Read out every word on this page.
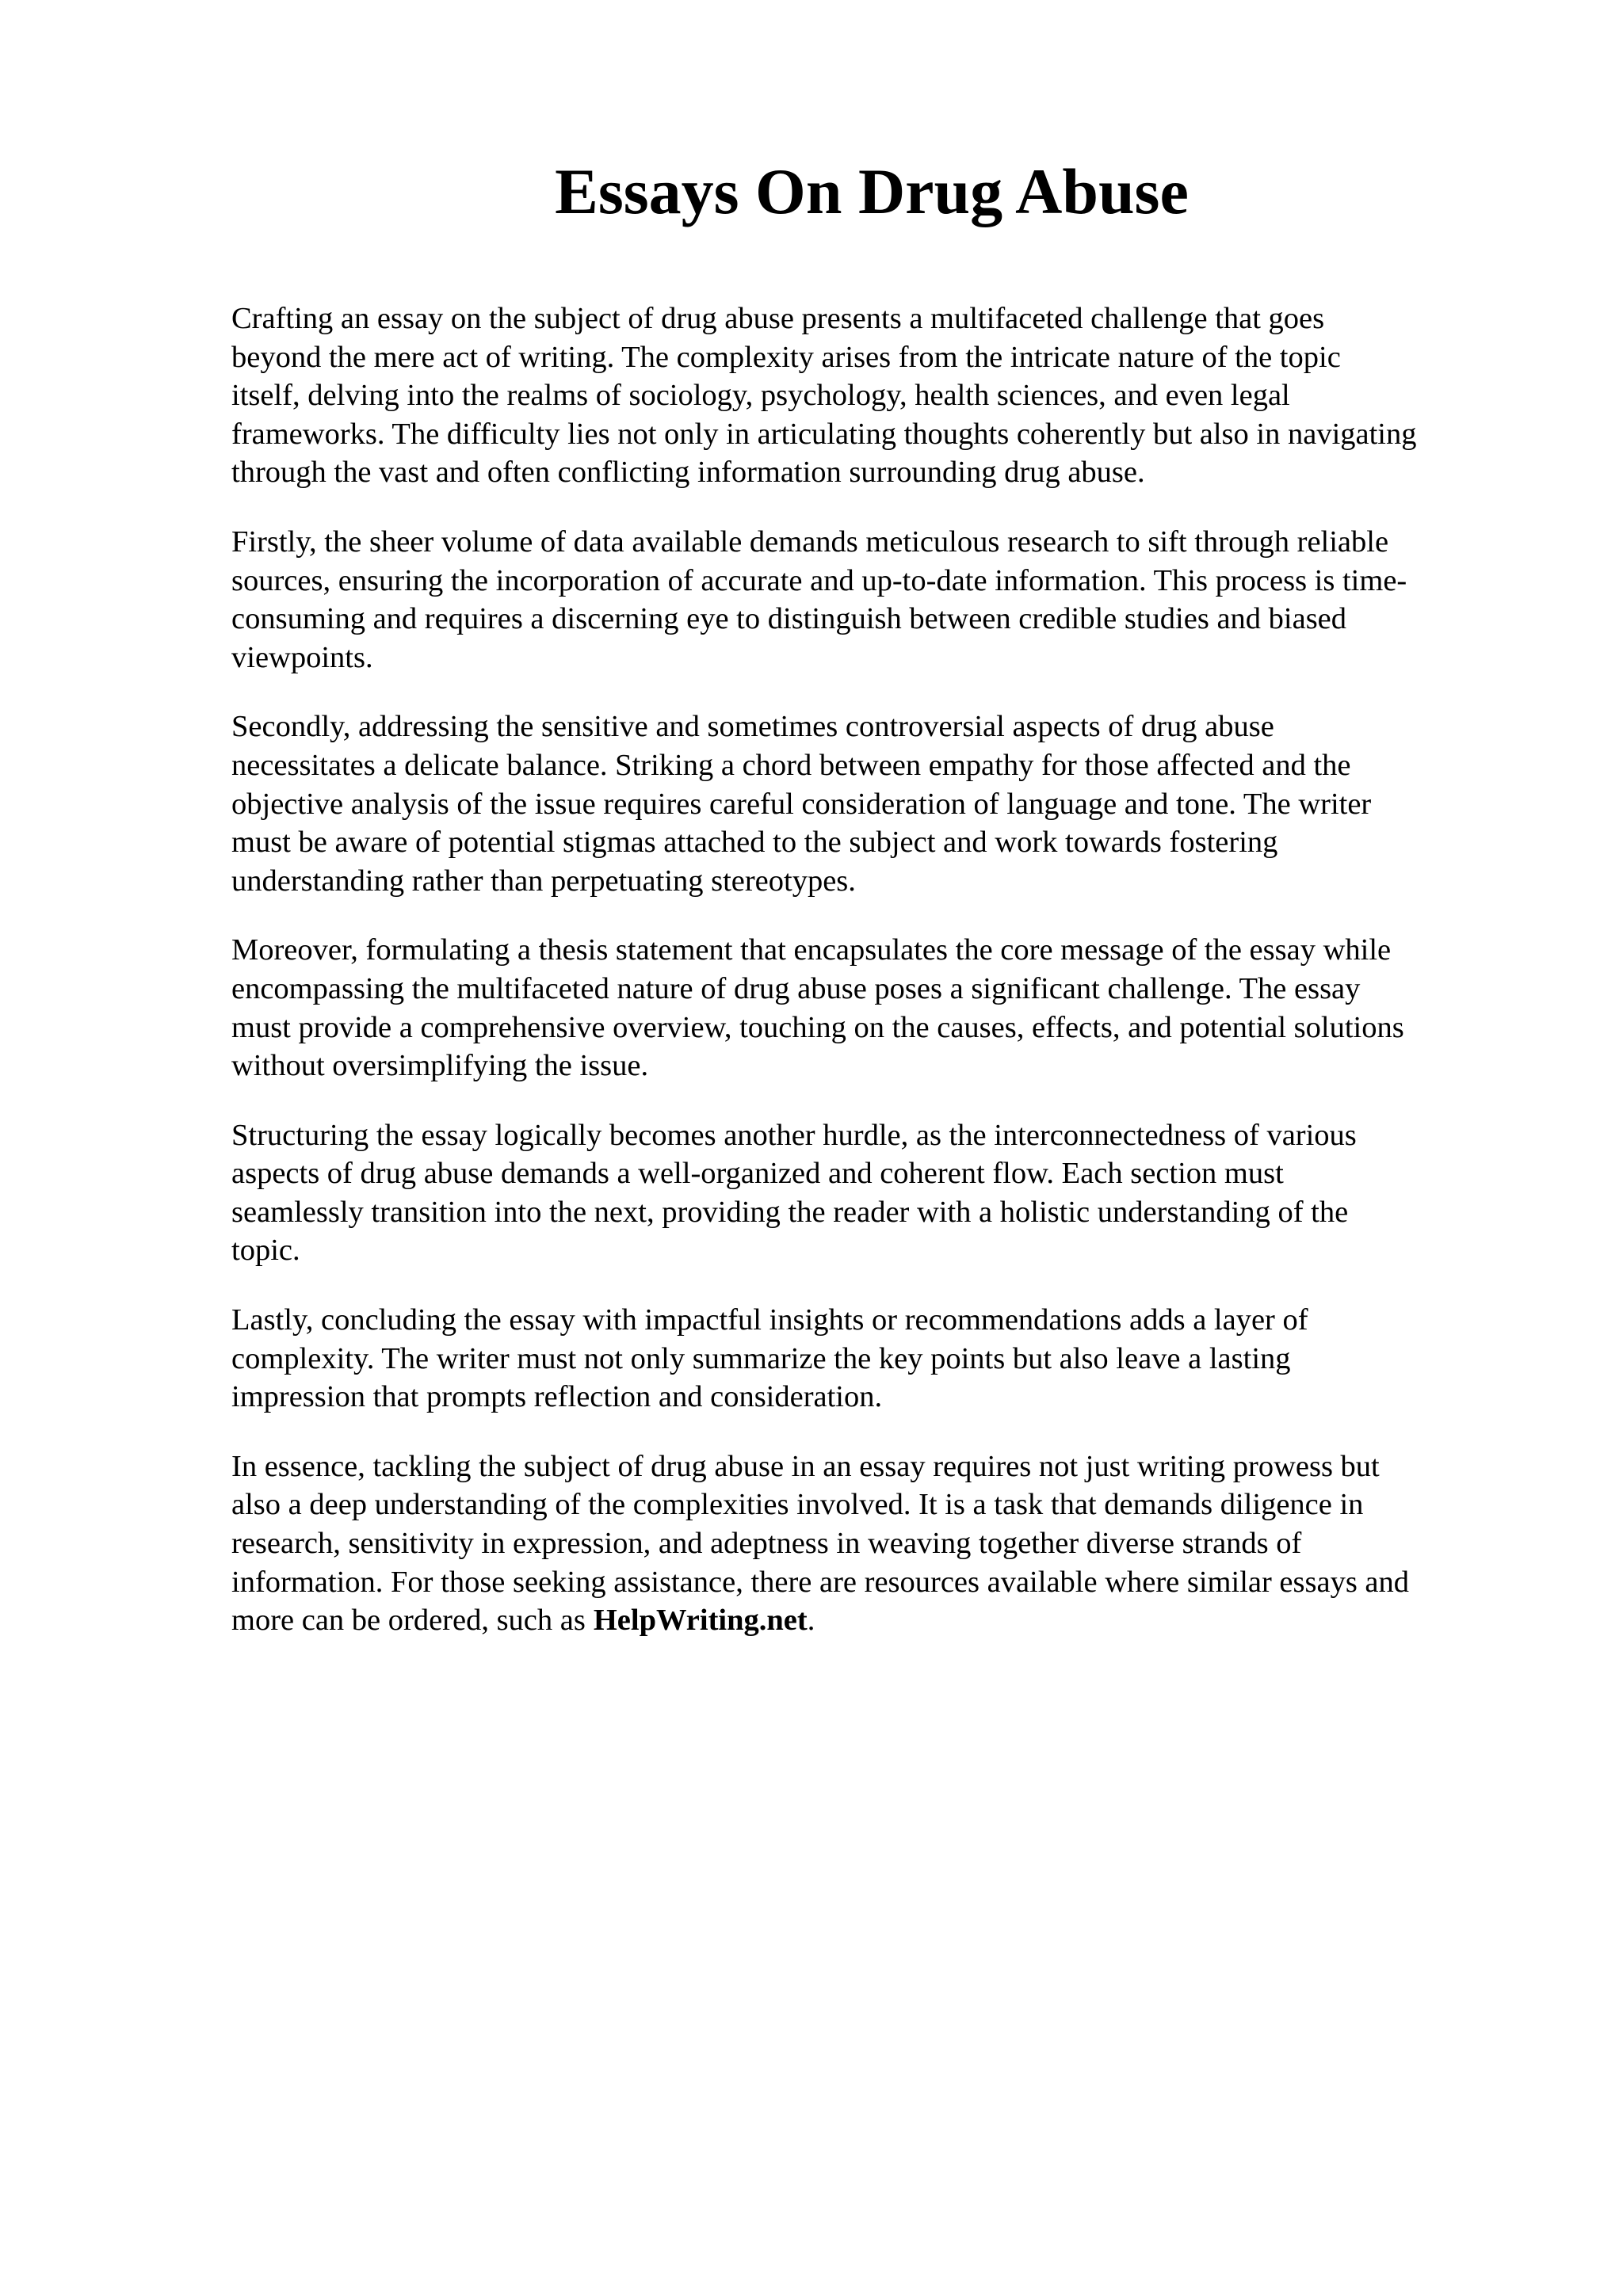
Essays On Drug Abuse

Crafting an essay on the subject of drug abuse presents a multifaceted challenge that goes
beyond the mere act of writing. The complexity arises from the intricate nature of the topic
itself, delving into the realms of sociology, psychology, health sciences, and even legal
frameworks. The difficulty lies not only in articulating thoughts coherently but also in navigating
through the vast and often conflicting information surrounding drug abuse.

Firstly, the sheer volume of data available demands meticulous research to sift through reliable
sources, ensuring the incorporation of accurate and up-to-date information. This process is time-
consuming and requires a discerning eye to distinguish between credible studies and biased
viewpoints.

Secondly, addressing the sensitive and sometimes controversial aspects of drug abuse
necessitates a delicate balance. Striking a chord between empathy for those affected and the
objective analysis of the issue requires careful consideration of language and tone. The writer
must be aware of potential stigmas attached to the subject and work towards fostering
understanding rather than perpetuating stereotypes.

Moreover, formulating a thesis statement that encapsulates the core message of the essay while
encompassing the multifaceted nature of drug abuse poses a significant challenge. The essay
must provide a comprehensive overview, touching on the causes, effects, and potential solutions
without oversimplifying the issue.

Structuring the essay logically becomes another hurdle, as the interconnectedness of various
aspects of drug abuse demands a well-organized and coherent flow. Each section must
seamlessly transition into the next, providing the reader with a holistic understanding of the
topic.

Lastly, concluding the essay with impactful insights or recommendations adds a layer of
complexity. The writer must not only summarize the key points but also leave a lasting
impression that prompts reflection and consideration.

In essence, tackling the subject of drug abuse in an essay requires not just writing prowess but
also a deep understanding of the complexities involved. It is a task that demands diligence in
research, sensitivity in expression, and adeptness in weaving together diverse strands of
information. For those seeking assistance, there are resources available where similar essays and
more can be ordered, such as HelpWriting.net.
